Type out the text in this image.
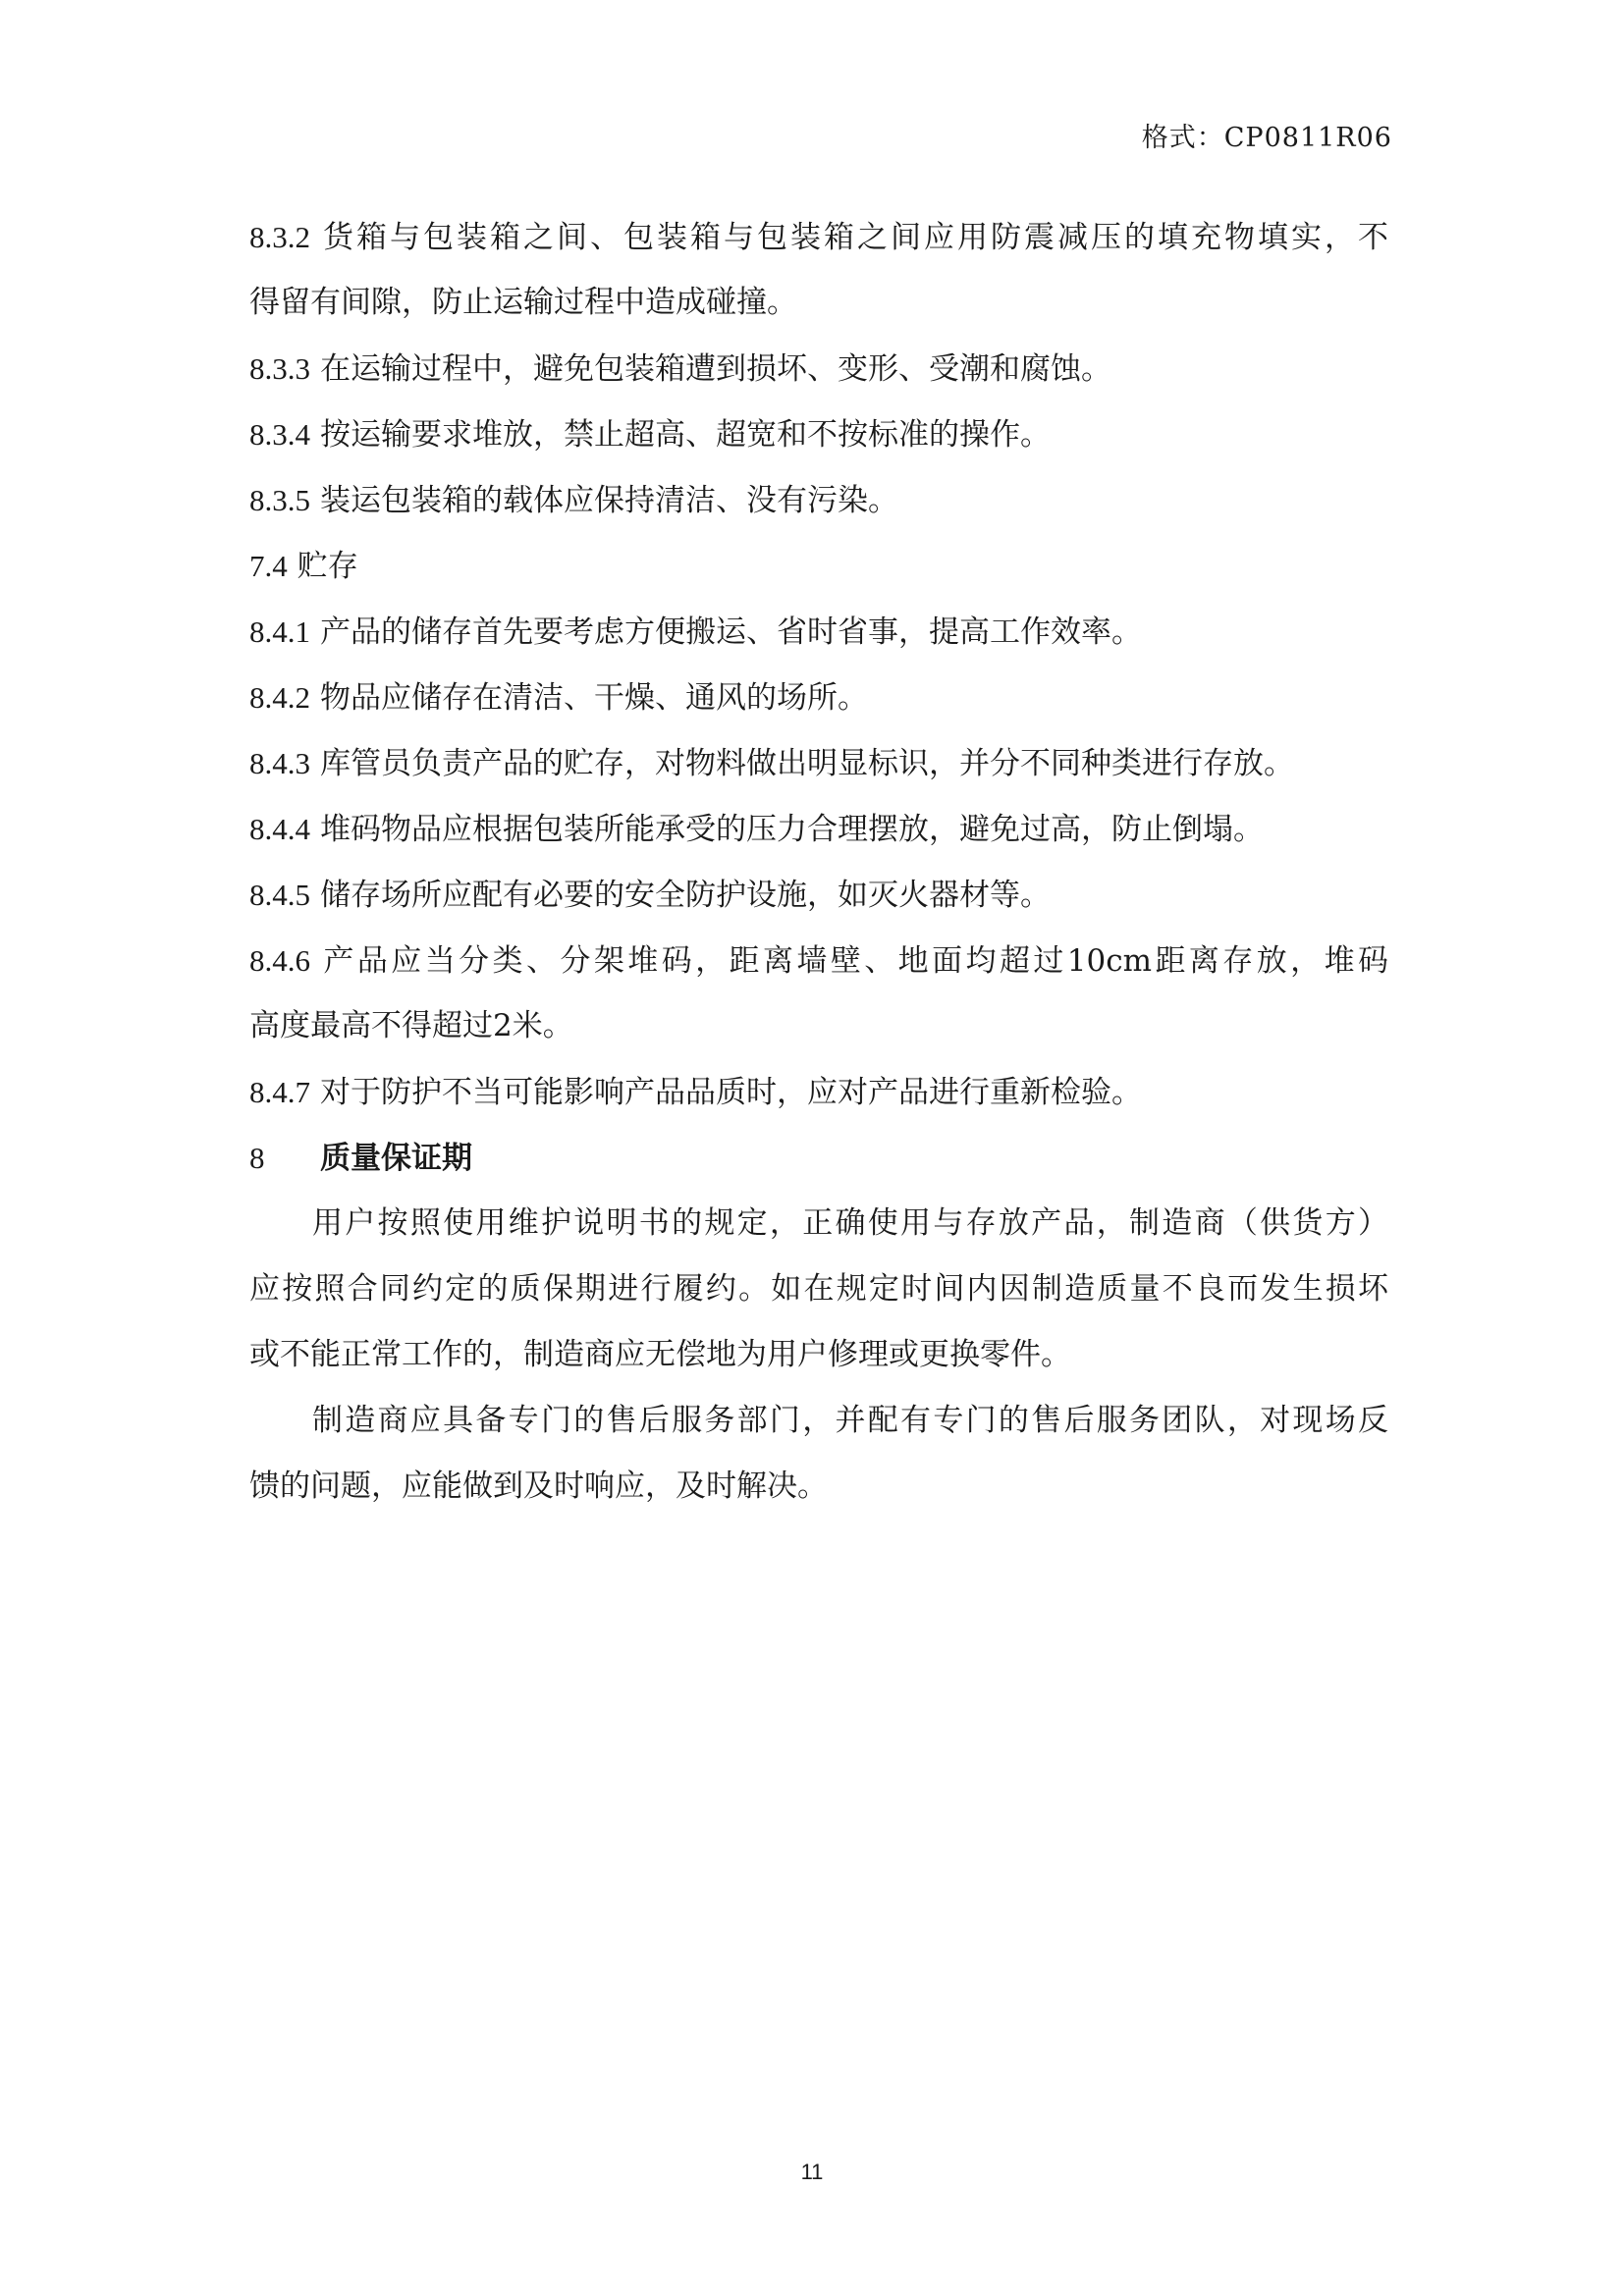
格式：CP0811R06
8.3.2 货箱与包装箱之间、包装箱与包装箱之间应用防震减压的填充物填实，不
得留有间隙，防止运输过程中造成碰撞。
8.3.3 在运输过程中，避免包装箱遭到损坏、变形、受潮和腐蚀。
8.3.4 按运输要求堆放，禁止超高、超宽和不按标准的操作。
8.3.5 装运包装箱的载体应保持清洁、没有污染。
7.4 贮存
8.4.1 产品的储存首先要考虑方便搬运、省时省事，提高工作效率。
8.4.2 物品应储存在清洁、干燥、通风的场所。
8.4.3 库管员负责产品的贮存，对物料做出明显标识，并分不同种类进行存放。
8.4.4 堆码物品应根据包装所能承受的压力合理摆放，避免过高，防止倒塌。
8.4.5 储存场所应配有必要的安全防护设施，如灭火器材等。
8.4.6 产品应当分类、分架堆码，距离墙壁、地面均超过10cm距离存放，堆码
高度最高不得超过2米。
8.4.7 对于防护不当可能影响产品品质时，应对产品进行重新检验。
8 质量保证期
用户按照使用维护说明书的规定，正确使用与存放产品，制造商（供货方）
应按照合同约定的质保期进行履约。如在规定时间内因制造质量不良而发生损坏
或不能正常工作的，制造商应无偿地为用户修理或更换零件。
制造商应具备专门的售后服务部门，并配有专门的售后服务团队，对现场反
馈的问题，应能做到及时响应，及时解决。
11
